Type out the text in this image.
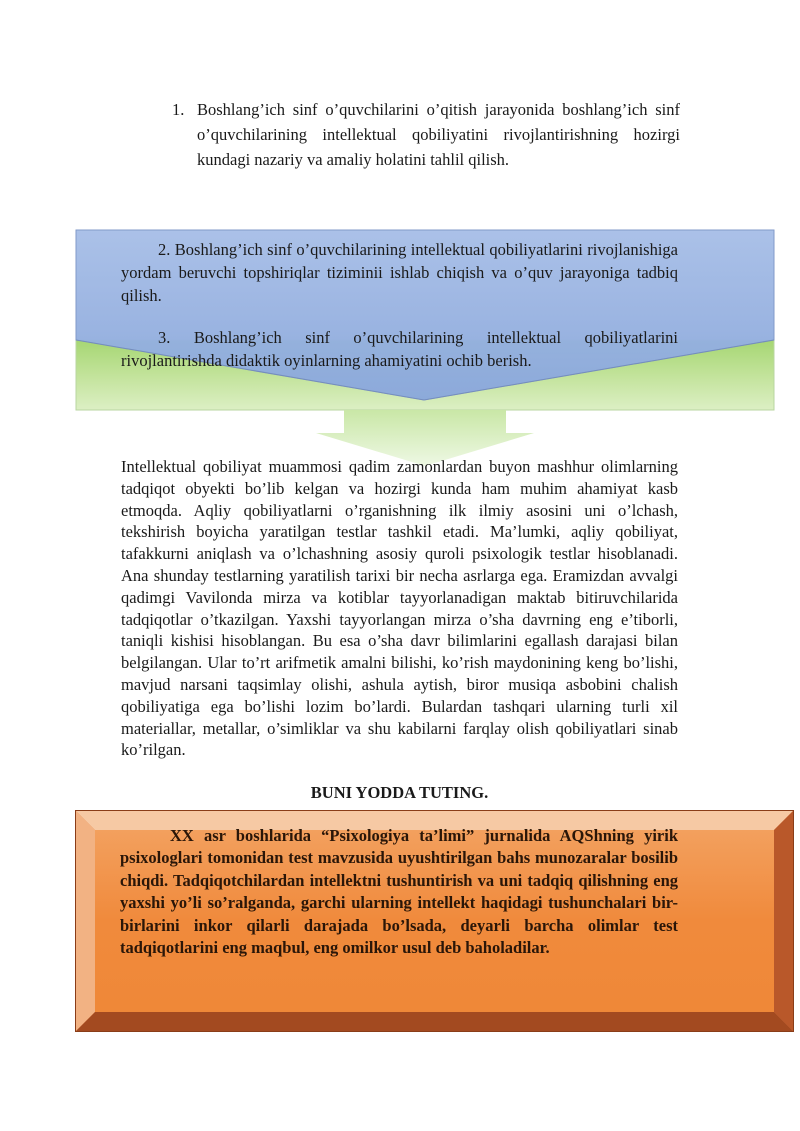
1. Boshlang’ich sinf o’quvchilarini o’qitish jarayonida boshlang’ich sinf o’quvchilarining intellektual qobiliyatini rivojlantirishning hozirgi kundagi nazariy va amaliy holatini tahlil qilish.
2. Boshlang’ich sinf o’quvchilarining intellektual qobiliyatlarini rivojlanishiga yordam beruvchi topshiriqlar tiziminii ishlab chiqish va o’quv jarayoniga tadbiq qilish.
3. Boshlang’ich sinf o’quvchilarining intellektual qobiliyatlarini rivojlantirishda didaktik oyinlarning ahamiyatini ochib berish.
Intellektual qobiliyat muammosi qadim zamonlardan buyon mashhur olimlarning tadqiqot obyekti bo’lib kelgan va hozirgi kunda ham muhim ahamiyat kasb etmoqda. Aqliy qobiliyatlarni o’rganishning ilk ilmiy asosini uni o’lchash, tekshirish boyicha yaratilgan testlar tashkil etadi. Ma’lumki, aqliy qobiliyat, tafakkurni aniqlash va o’lchashning asosiy quroli psixologik testlar hisoblanadi. Ana shunday testlarning yaratilish tarixi bir necha asrlarga ega. Eramizdan avvalgi qadimgi Vavilonda mirza va kotiblar tayyorlanadigan maktab bitiruvchilarida tadqiqotlar o’tkazilgan. Yaxshi tayyorlangan mirza o’sha davrning eng e’tiborli, taniqli kishisi hisoblangan. Bu esa o’sha davr bilimlarini egallash darajasi bilan belgilangan. Ular to’rt arifmetik amalni bilishi, ko’rish maydonining keng bo’lishi, mavjud narsani taqsimlay olishi, ashula aytish, biror musiqa asbobini chalish qobiliyatiga ega bo’lishi lozim bo’lardi. Bulardan tashqari ularning turli xil materiallar, metallar, o’simliklar va shu kabilarni farqlay olish qobiliyatlari sinab ko’rilgan.
BUNI YODDA TUTING.
XX asr boshlarida “Psixologiya ta’limi” jurnalida AQShning yirik psixologlari tomonidan test mavzusida uyushtirilgan bahs munozaralar bosilib chiqdi. Tadqiqotchilardan intellektni tushuntirish va uni tadqiq qilishning eng yaxshi yo’li so’ralganda, garchi ularning intellekt haqidagi tushunchalari bir- birlarini inkor qilarli darajada bo’lsada, deyarli barcha olimlar test tadqiqotlarini eng maqbul, eng omilkor usul deb baholadilar.
